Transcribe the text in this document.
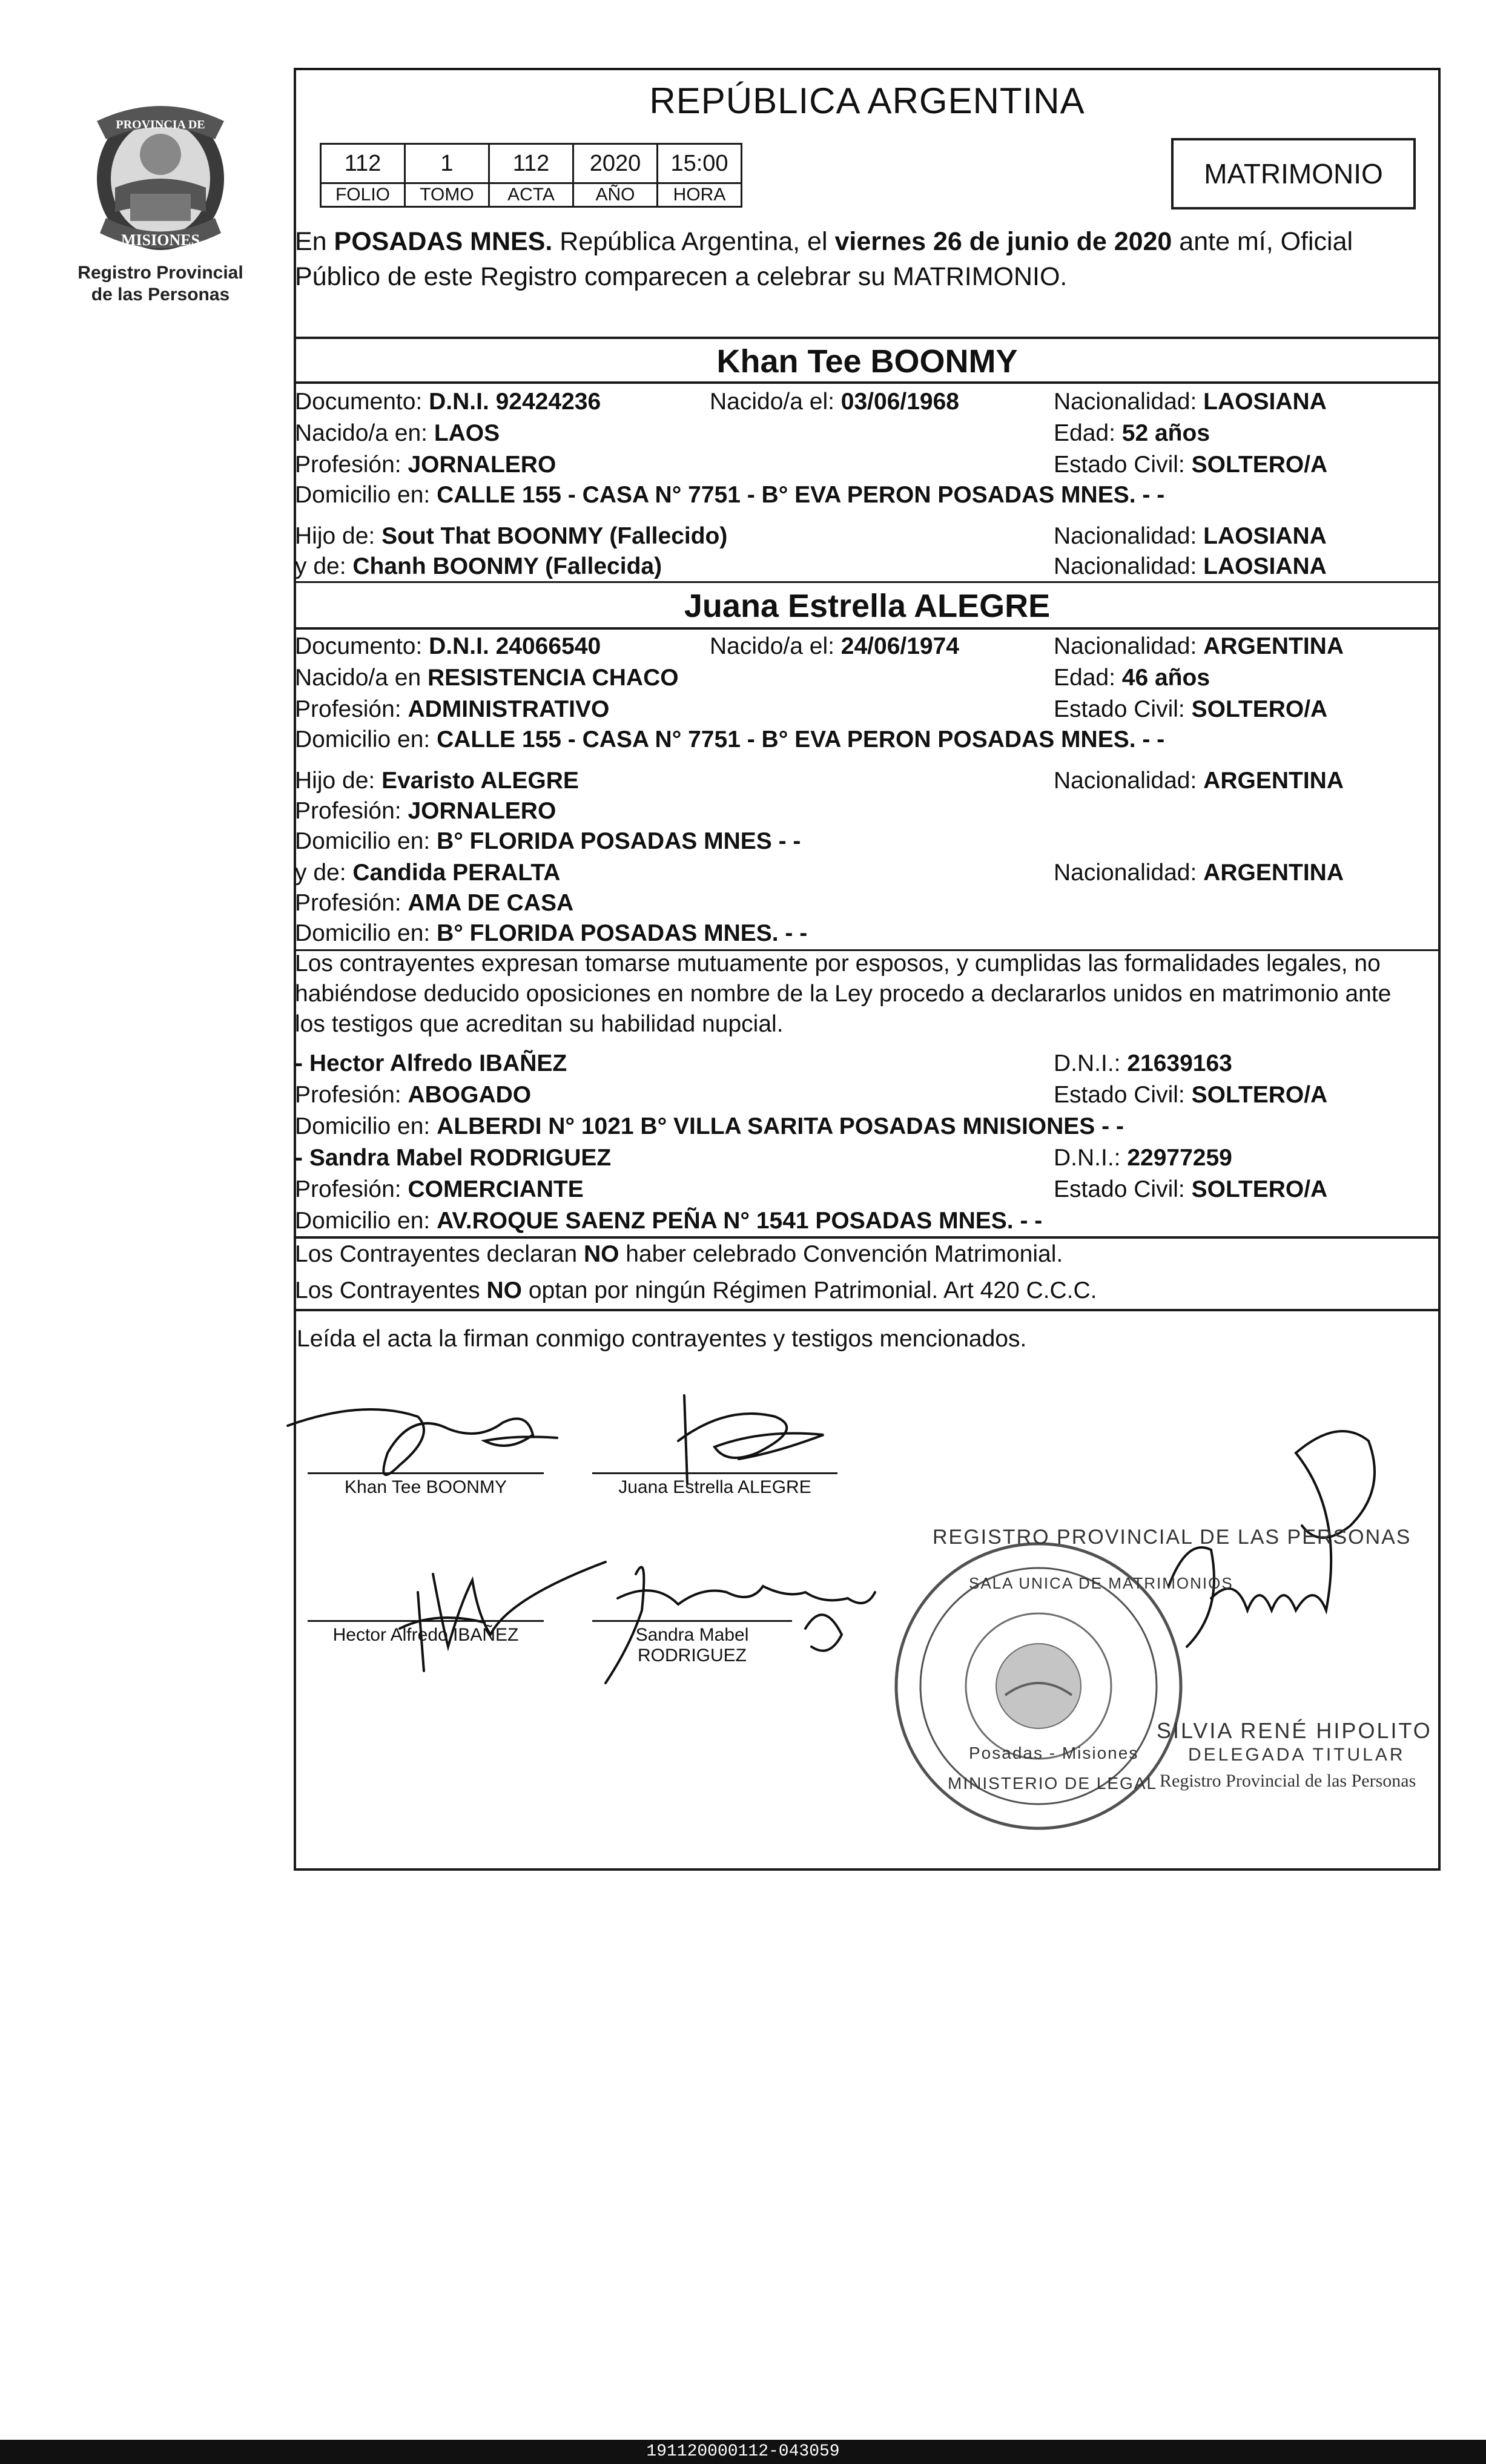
PROVINCIA DE
MISIONES
Registro Provincial
de las Personas
REPÚBLICA ARGENTINA
112	1	112	2020	15:00
FOLIO	TOMO	ACTA	AÑO	HORA
MATRIMONIO
En POSADAS MNES. República Argentina, el viernes 26 de junio de 2020 ante mí, Oficial
Público de este Registro comparecen a celebrar su MATRIMONIO.
Khan Tee BOONMY
Documento: D.N.I. 92424236	Nacido/a el: 03/06/1968	Nacionalidad: LAOSIANA
Nacido/a en: LAOS	Edad: 52 años
Profesión: JORNALERO	Estado Civil: SOLTERO/A
Domicilio en: CALLE 155 - CASA N° 7751 - B° EVA PERON POSADAS MNES. - -
Hijo de: Sout That BOONMY (Fallecido)	Nacionalidad: LAOSIANA
y de: Chanh BOONMY (Fallecida)	Nacionalidad: LAOSIANA
Juana Estrella ALEGRE
Documento: D.N.I. 24066540	Nacido/a el: 24/06/1974	Nacionalidad: ARGENTINA
Nacido/a en RESISTENCIA CHACO	Edad: 46 años
Profesión: ADMINISTRATIVO	Estado Civil: SOLTERO/A
Domicilio en: CALLE 155 - CASA N° 7751 - B° EVA PERON POSADAS MNES. - -
Hijo de: Evaristo ALEGRE	Nacionalidad: ARGENTINA
Profesión: JORNALERO
Domicilio en: B° FLORIDA POSADAS MNES - -
y de: Candida PERALTA	Nacionalidad: ARGENTINA
Profesión: AMA DE CASA
Domicilio en: B° FLORIDA POSADAS MNES. - -
Los contrayentes expresan tomarse mutuamente por esposos, y cumplidas las formalidades legales, no
habiéndose deducido oposiciones en nombre de la Ley procedo a declararlos unidos en matrimonio ante
los testigos que acreditan su habilidad nupcial.
- Hector Alfredo IBAÑEZ	D.N.I.: 21639163
Profesión: ABOGADO	Estado Civil: SOLTERO/A
Domicilio en: ALBERDI N° 1021 B° VILLA SARITA POSADAS MNISIONES - -
- Sandra Mabel RODRIGUEZ	D.N.I.: 22977259
Profesión: COMERCIANTE	Estado Civil: SOLTERO/A
Domicilio en: AV.ROQUE SAENZ PEÑA N° 1541 POSADAS MNES. - -
Los Contrayentes declaran NO haber celebrado Convención Matrimonial.
Los Contrayentes NO optan por ningún Régimen Patrimonial. Art 420 C.C.C.
Leída el acta la firman conmigo contrayentes y testigos mencionados.
Khan Tee BOONMY	Juana Estrella ALEGRE
Hector Alfredo IBAÑEZ	Sandra Mabel
RODRIGUEZ
REGISTRO PROVINCIAL DE LAS PERSONAS
SALA UNICA DE MATRIMONIOS
MINISTERIO DE LEGAL
Posadas - Misiones
SILVIA RENÉ HIPOLITO
DELEGADA TITULAR
Registro Provincial de las Personas
191120000112-043059
